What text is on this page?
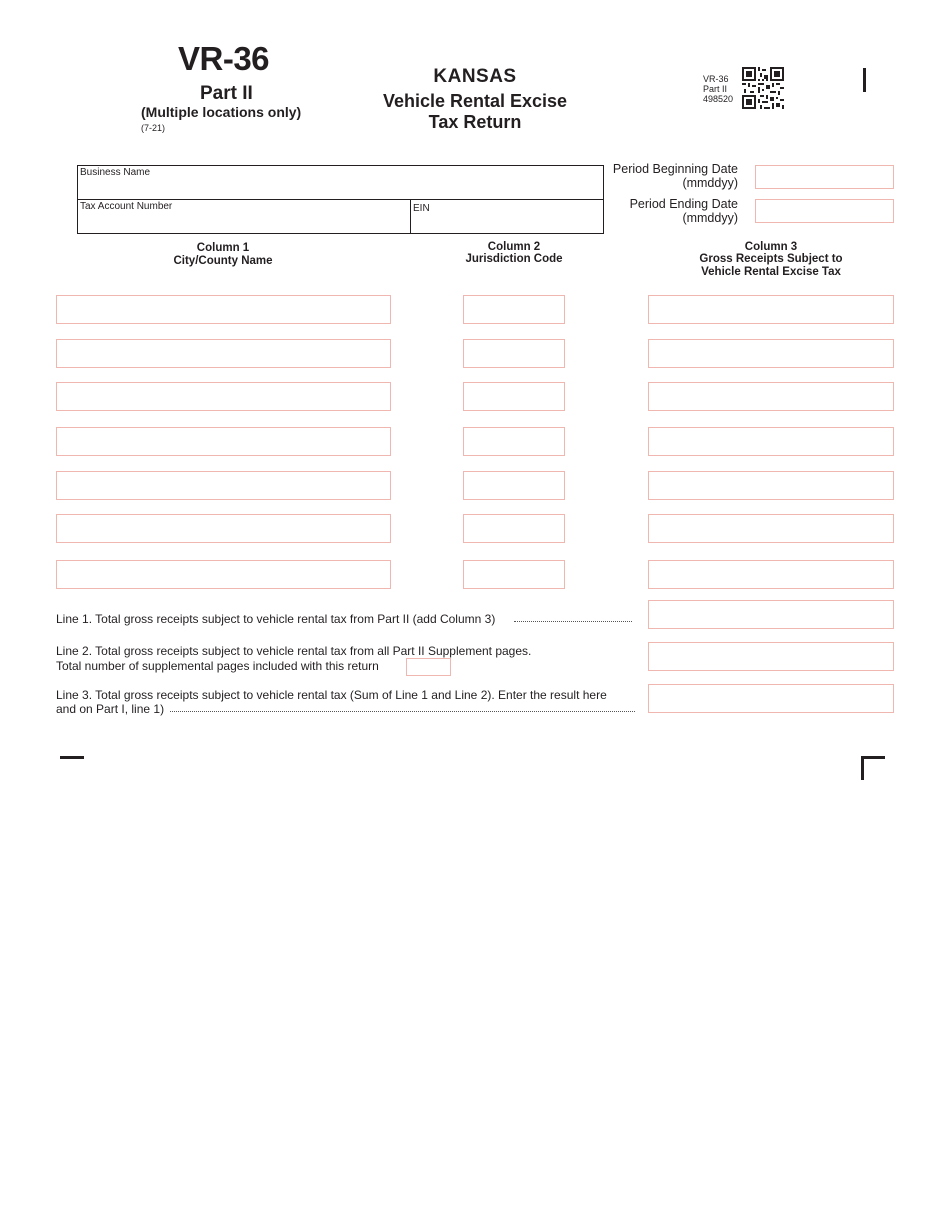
VR-36
Part II
(Multiple locations only)
(7-21)
KANSAS
Vehicle Rental Excise
Tax Return
VR-36
Part II
498520
Business Name
Tax Account Number	EIN
Period Beginning Date
(mmddyy)
Period Ending Date
(mmddyy)
Column 1
City/County Name
Column 2
Jurisdiction Code
Column 3
Gross Receipts Subject to
Vehicle Rental Excise Tax
Line 1. Total gross receipts subject to vehicle rental tax from Part II (add Column 3)
Line 2. Total gross receipts subject to vehicle rental tax from all Part II Supplement pages.
Total number of supplemental pages included with this return
Line 3. Total gross receipts subject to vehicle rental tax (Sum of Line 1 and Line 2). Enter the result here
and on Part I, line 1)
